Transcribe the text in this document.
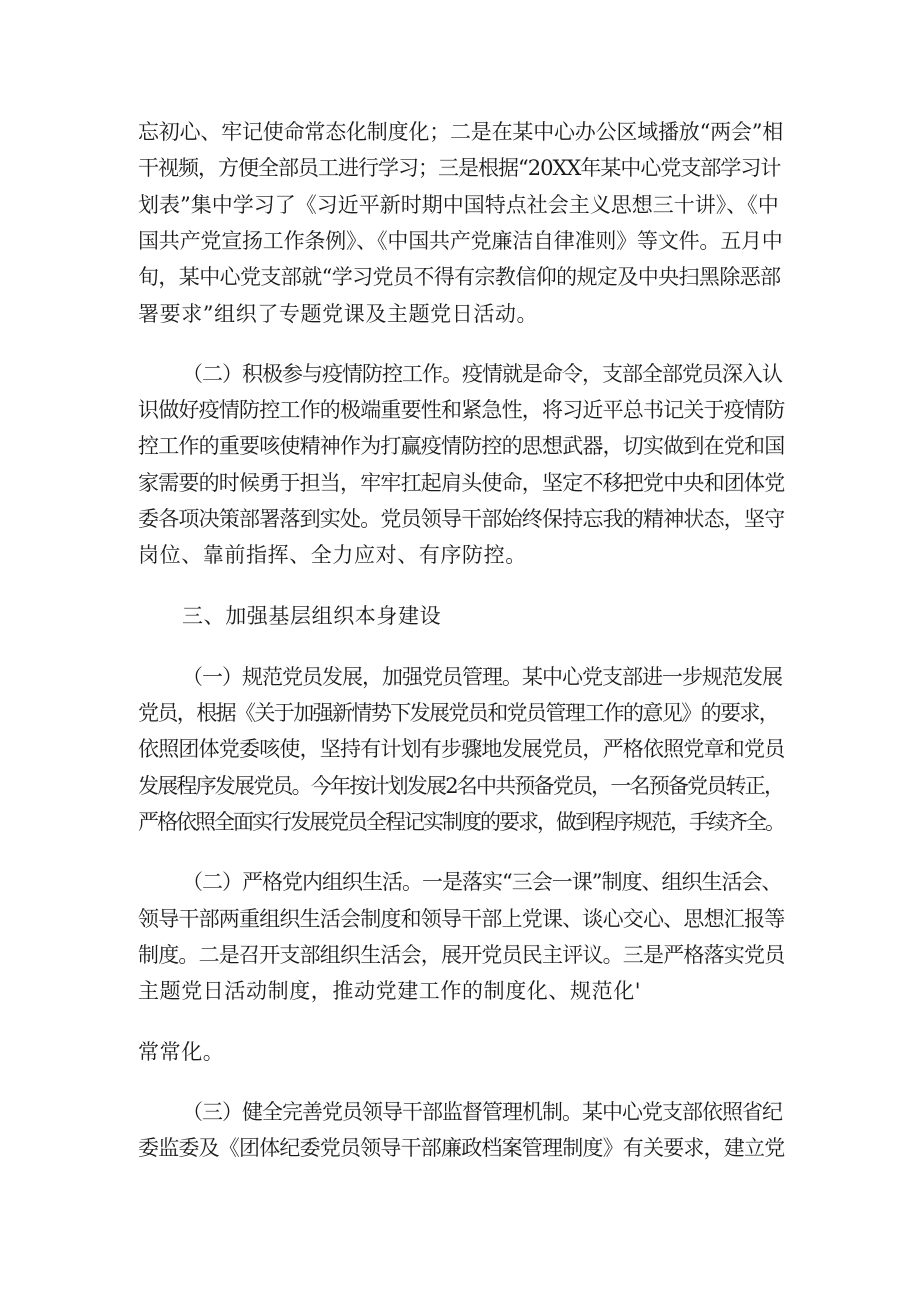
忘初心、牢记使命常态化制度化；二是在某中心办公区域播放“两会”相
干视频，方便全部员工进行学习；三是根据“20XX年某中心党支部学习计
划表”集中学习了《习近平新时期中国特点社会主义思想三十讲》、《中
国共产党宣扬工作条例》、《中国共产党廉洁自律准则》等文件。五月中
旬，某中心党支部就“学习党员不得有宗教信仰的规定及中央扫黑除恶部
署要求”组织了专题党课及主题党日活动。
（二）积极参与疫情防控工作。疫情就是命令，支部全部党员深入认
识做好疫情防控工作的极端重要性和紧急性，将习近平总书记关于疫情防
控工作的重要咳使精神作为打赢疫情防控的思想武器，切实做到在党和国
家需要的时候勇于担当，牢牢扛起肩头使命，坚定不移把党中央和团体党
委各项决策部署落到实处。党员领导干部始终保持忘我的精神状态，坚守
岗位、靠前指挥、全力应对、有序防控。
三、加强基层组织本身建设
（一）规范党员发展，加强党员管理。某中心党支部进一步规范发展
党员，根据《关于加强新情势下发展党员和党员管理工作的意见》的要求，
依照团体党委咳使，坚持有计划有步骤地发展党员，严格依照党章和党员
发展程序发展党员。今年按计划发展2名中共预备党员，一名预备党员转正，
严格依照全面实行发展党员全程记实制度的要求，做到程序规范，手续齐全。
（二）严格党内组织生活。一是落实“三会一课”制度、组织生活会、
领导干部两重组织生活会制度和领导干部上党课、谈心交心、思想汇报等
制度。二是召开支部组织生活会，展开党员民主评议。三是严格落实党员
主题党日活动制度，推动党建工作的制度化、规范化'
常常化。
（三）健全完善党员领导干部监督管理机制。某中心党支部依照省纪
委监委及《团体纪委党员领导干部廉政档案管理制度》有关要求，建立党
